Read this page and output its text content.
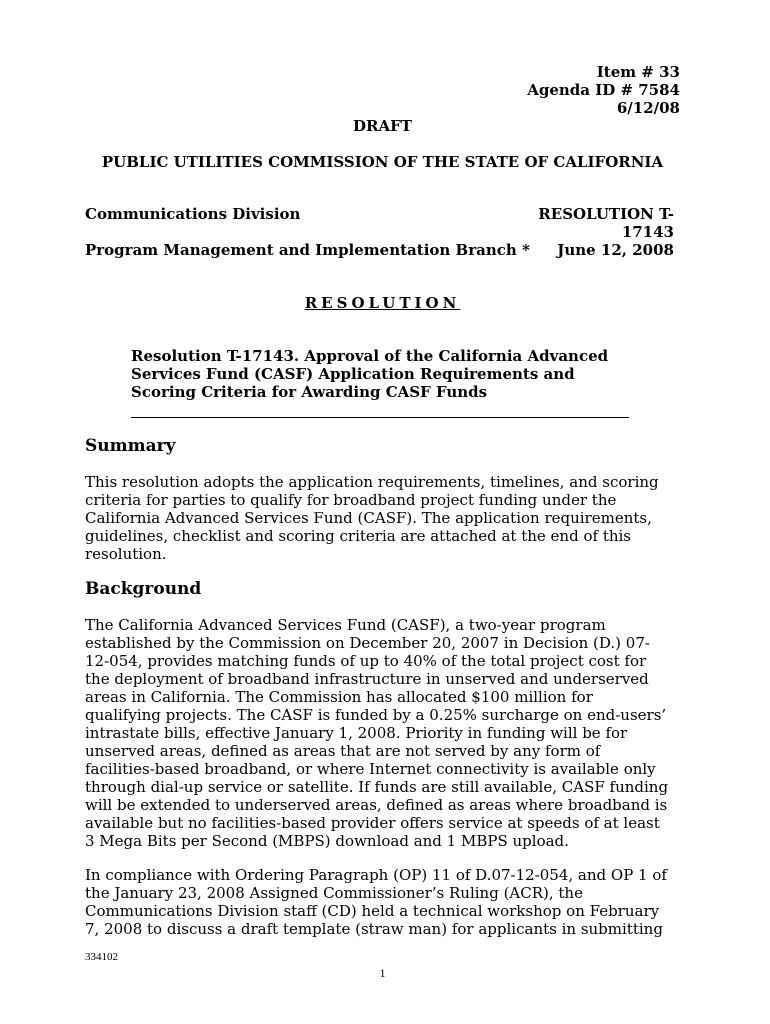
Item # 33
Agenda ID # 7584
6/12/08
DRAFT
PUBLIC UTILITIES COMMISSION OF THE STATE OF CALIFORNIA
Communications Division
Program Management and Implementation Branch *
RESOLUTION T-
17143
June 12, 2008
RESOLUTION
Resolution T-17143. Approval of the California Advanced
Services Fund (CASF) Application Requirements and
Scoring Criteria for Awarding CASF Funds
Summary
This resolution adopts the application requirements, timelines, and scoring
criteria for parties to qualify for broadband project funding under the
California Advanced Services Fund (CASF). The application requirements,
guidelines, checklist and scoring criteria are attached at the end of this
resolution.
Background
The California Advanced Services Fund (CASF), a two-year program
established by the Commission on December 20, 2007 in Decision (D.) 07-
12-054, provides matching funds of up to 40% of the total project cost for
the deployment of broadband infrastructure in unserved and underserved
areas in California. The Commission has allocated $100 million for
qualifying projects. The CASF is funded by a 0.25% surcharge on end-users’
intrastate bills, effective January 1, 2008. Priority in funding will be for
unserved areas, defined as areas that are not served by any form of
facilities-based broadband, or where Internet connectivity is available only
through dial-up service or satellite. If funds are still available, CASF funding
will be extended to underserved areas, defined as areas where broadband is
available but no facilities-based provider offers service at speeds of at least
3 Mega Bits per Second (MBPS) download and 1 MBPS upload.
In compliance with Ordering Paragraph (OP) 11 of D.07-12-054, and OP 1 of
the January 23, 2008 Assigned Commissioner’s Ruling (ACR), the
Communications Division staff (CD) held a technical workshop on February
7, 2008 to discuss a draft template (straw man) for applicants in submitting
334102
1
